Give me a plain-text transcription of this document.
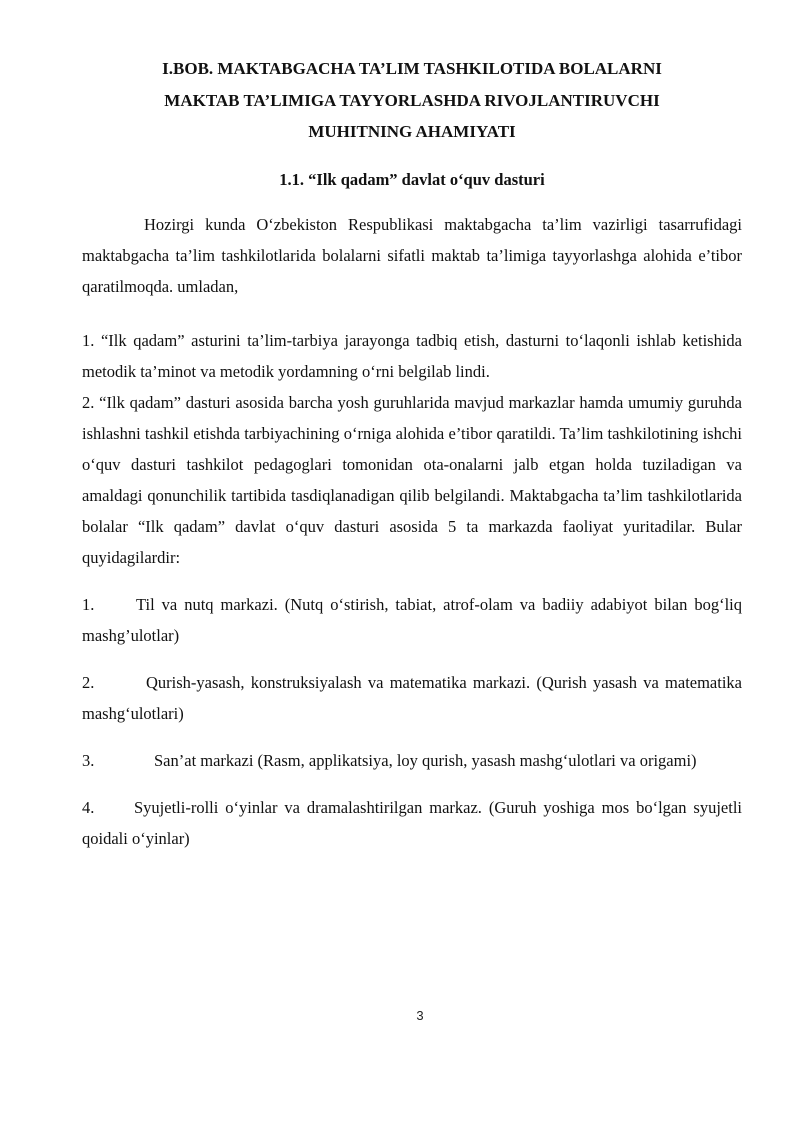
I.BOB. MAKTABGACHA TA’LIM TASHKILOTIDA BOLALARNI MAKTAB TA’LIMIGA TAYYORLASHDA RIVOJLANTIRUVCHI MUHITNING AHAMIYATI
1.1. “Ilk qadam” davlat o‘quv dasturi

Hozirgi kunda O‘zbekiston Respublikasi maktabgacha ta’lim vazirligi tasarrufidagi maktabgacha ta’lim tashkilotlarida bolalarni sifatli maktab ta’limiga tayyorlashga alohida e’tibor qaratilmoqda. umladan,

1. “Ilk qadam” asturini ta’lim-tarbiya jarayonga tadbiq etish, dasturni to‘laqonli ishlab ketishida metodik ta’minot va metodik yordamning o‘rni belgilab lindi.

2. “Ilk qadam” dasturi asosida barcha yosh guruhlarida mavjud markazlar hamda umumiy guruhda ishlashni tashkil etishda tarbiyachining o‘rniga alohida e’tibor qaratildi. Ta’lim tashkilotining ishchi o‘quv dasturi tashkilot pedagoglari tomonidan ota-onalarni jalb etgan holda tuziladigan va amaldagi qonunchilik tartibida tasdiqlanadigan qilib belgilandi. Maktabgacha ta’lim tashkilotlarida bolalar “Ilk qadam” davlat o‘quv dasturi asosida 5 ta markazda faoliyat yuritadilar. Bular quyidagilardir:

1.	Til va nutq markazi. (Nutq o‘stirish, tabiat, atrof-olam va badiiy adabiyot bilan bog‘liq mashg’ulotlar)

2.	Qurish-yasash, konstruksiyalash va matematika markazi. (Qurish yasash va matematika mashg‘ulotlari)

3.	San’at markazi (Rasm, applikatsiya, loy qurish, yasash mashg‘ulotlari va origami)

4. Syujetli-rolli o‘yinlar va dramalashtirilgan markaz. (Guruh yoshiga mos bo‘lgan syujetli qoidali o‘yinlar)

3
